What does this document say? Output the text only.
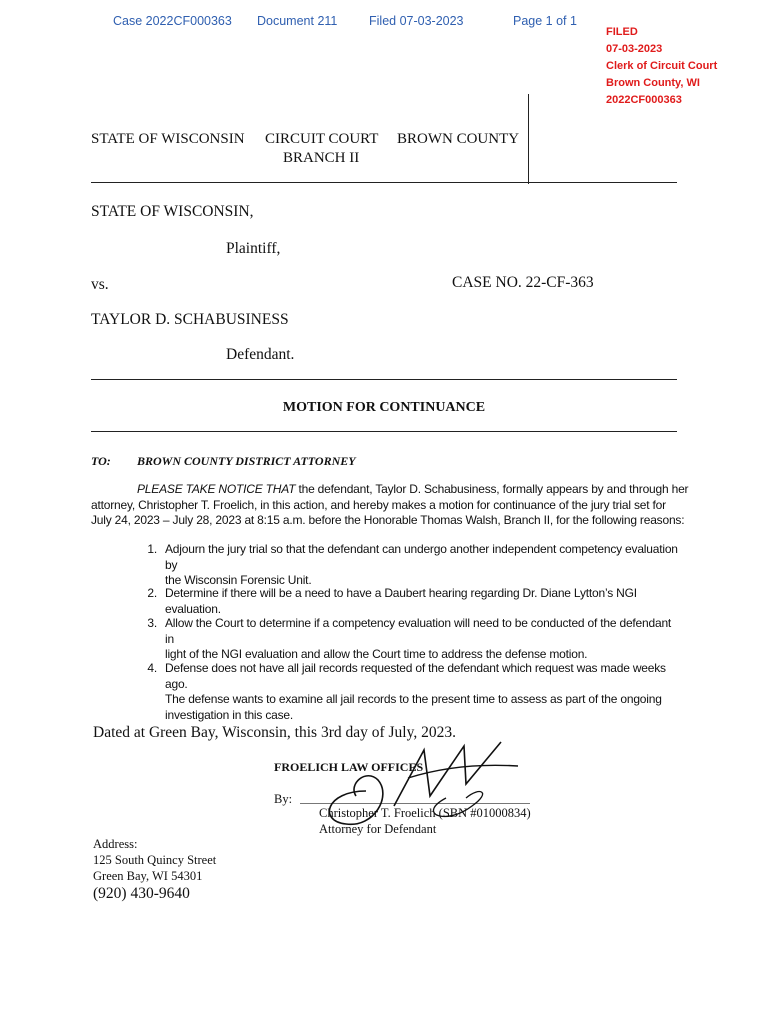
Case 2022CF000363 Document 211	Filed 07-03-2023	Page 1 of 1
FILED
07-03-2023
Clerk of Circuit Court
Brown County, WI
2022CF000363
STATE OF WISCONSIN CIRCUIT COURT
BRANCH II
BROWN COUNTY
STATE OF WISCONSIN,
Plaintiff,
vs.	CASE NO. 22-CF-363
TAYLOR D. SCHABUSINESS
Defendant.
MOTION FOR CONTINUANCE
TO: BROWN COUNTY DISTRICT ATTORNEY
PLEASE TAKE NOTICE THAT the defendant, Taylor D. Schabusiness, formally appears by and through her
attorney, Christopher T. Froelich, in this action, and hereby makes a motion for continuance of the jury trial set for
July 24, 2023 – July 28, 2023 at 8:15 a.m. before the Honorable Thomas Walsh, Branch II, for the following reasons:
1. Adjourn the jury trial so that the defendant can undergo another independent competency evaluation by
the Wisconsin Forensic Unit.
2. Determine if there will be a need to have a Daubert hearing regarding Dr. Diane Lytton’s NGI evaluation.
3. Allow the Court to determine if a competency evaluation will need to be conducted of the defendant in
light of the NGI evaluation and allow the Court time to address the defense motion.
4. Defense does not have all jail records requested of the defendant which request was made weeks ago.
The defense wants to examine all jail records to the present time to assess as part of the ongoing
investigation in this case.
Dated at Green Bay, Wisconsin, this 3rd day of July, 2023.
FROELICH LAW OFFICES
By:
Christopher T. Froelich (SBN #01000834)
Attorney for Defendant
Address:
125 South Quincy Street
Green Bay, WI 54301
(920) 430-9640
